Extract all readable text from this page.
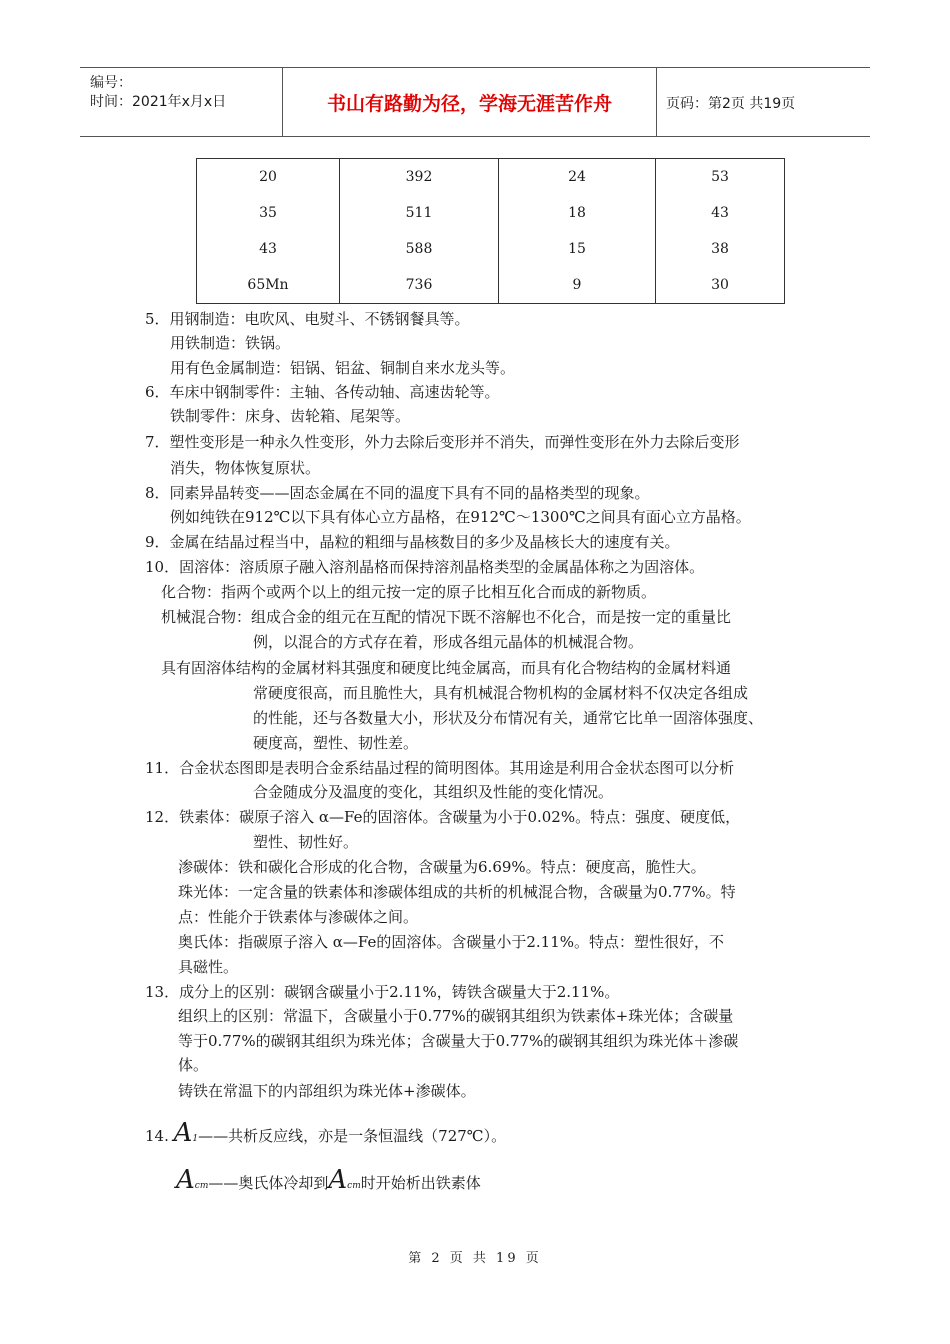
编号：
时间：2021年x月x日	书山有路勤为径，学海无涯苦作舟	页码：第2页 共19页
20	392	24	53
35	511	18	43
43	588	15	38
65Mn	736	9	30
5．用钢制造：电吹风、电熨斗、不锈钢餐具等。
用铁制造：铁锅。
用有色金属制造：铝锅、铝盆、铜制自来水龙头等。
6．车床中钢制零件：主轴、各传动轴、高速齿轮等。
铁制零件：床身、齿轮箱、尾架等。
7．塑性变形是一种永久性变形，外力去除后变形并不消失，而弹性变形在外力去除后变形
消失，物体恢复原状。
8．同素异晶转变——固态金属在不同的温度下具有不同的晶格类型的现象。
例如纯铁在912℃以下具有体心立方晶格，在912℃～1300℃之间具有面心立方晶格。
9．金属在结晶过程当中，晶粒的粗细与晶核数目的多少及晶核长大的速度有关。
10．固溶体：溶质原子融入溶剂晶格而保持溶剂晶格类型的金属晶体称之为固溶体。
化合物：指两个或两个以上的组元按一定的原子比相互化合而成的新物质。
机械混合物：组成合金的组元在互配的情况下既不溶解也不化合，而是按一定的重量比
例，以混合的方式存在着，形成各组元晶体的机械混合物。
具有固溶体结构的金属材料其强度和硬度比纯金属高，而具有化合物结构的金属材料通
常硬度很高，而且脆性大，具有机械混合物机构的金属材料不仅决定各组成
的性能，还与各数量大小，形状及分布情况有关，通常它比单一固溶体强度、
硬度高，塑性、韧性差。
11．合金状态图即是表明合金系结晶过程的简明图体。其用途是利用合金状态图可以分析
合金随成分及温度的变化，其组织及性能的变化情况。
12．铁素体：碳原子溶入 α—Fe的固溶体。含碳量为小于0.02%。特点：强度、硬度低，
塑性、韧性好。
渗碳体：铁和碳化合形成的化合物，含碳量为6.69%。特点：硬度高，脆性大。
珠光体：一定含量的铁素体和渗碳体组成的共析的机械混合物，含碳量为0.77%。特
点：性能介于铁素体与渗碳体之间。
奥氏体：指碳原子溶入 α—Fe的固溶体。含碳量小于2.11%。特点：塑性很好，不
具磁性。
13．成分上的区别：碳钢含碳量小于2.11%，铸铁含碳量大于2.11%。
组织上的区别：常温下，含碳量小于0.77%的碳钢其组织为铁素体+珠光体；含碳量
等于0.77%的碳钢其组织为珠光体；含碳量大于0.77%的碳钢其组织为珠光体＋渗碳
体。
铸铁在常温下的内部组织为珠光体+渗碳体。
14. A1——共析反应线，亦是一条恒温线（727℃）。
Acm——奥氏体冷却到Acm时开始析出铁素体
第 2 页 共 19 页
